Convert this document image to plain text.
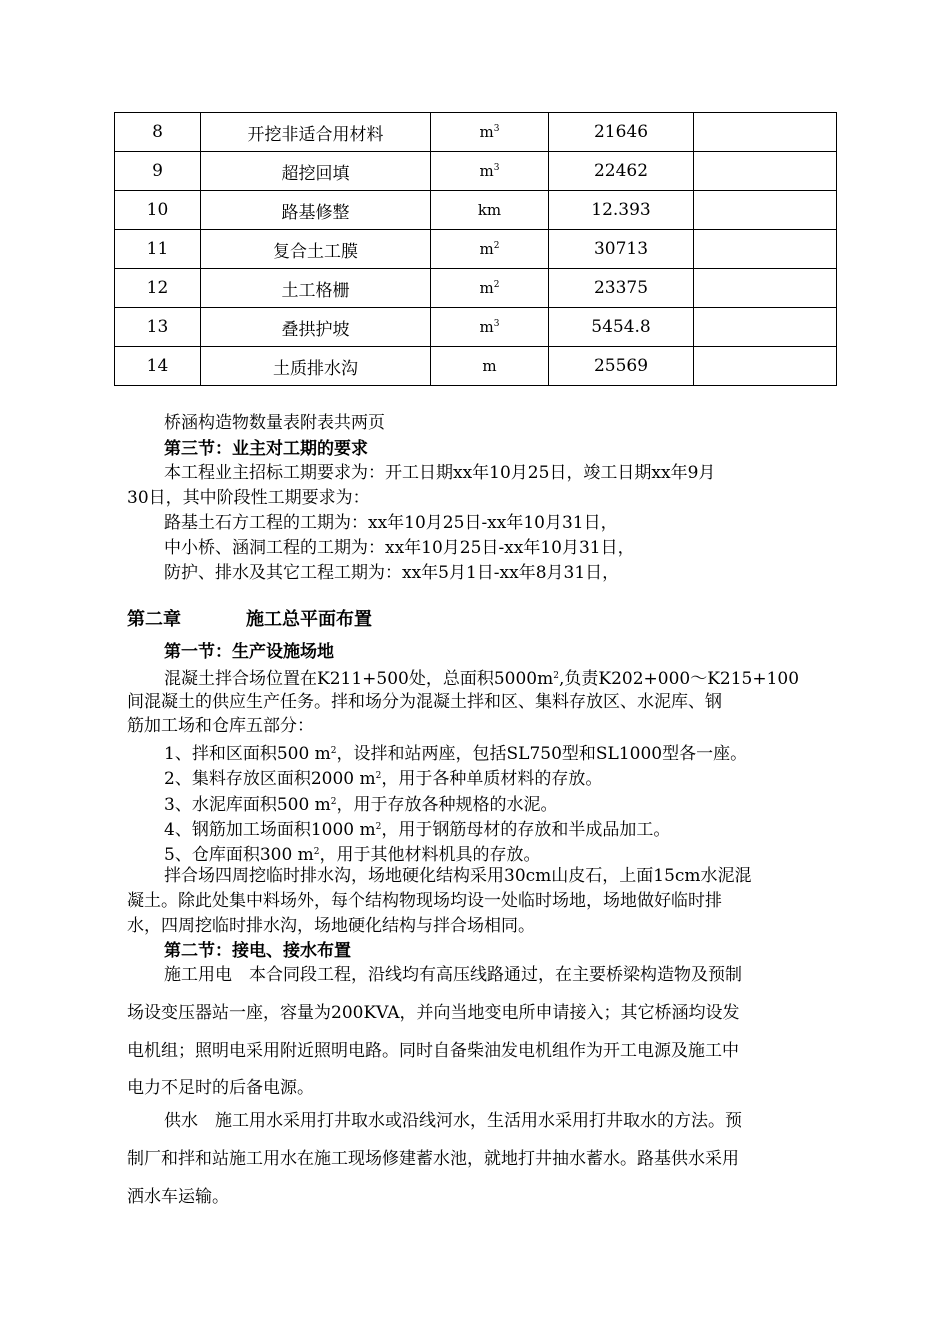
8	开挖非适合用材料	$m^3$	21646	
9	超挖回填	$m^3$	22462	
10	路基修整	km	12.393	
11	复合土工膜	$m^2$	30713	
12	土工格栅	$m^2$	23375	
13	叠拱护坡	$m^3$	5454.8	
14	土质排水沟	m	25569	
桥涵构造物数量表附表共两页
第三节：业主对工期的要求
本工程业主招标工期要求为：开工日期xx年10月25日，竣工日期xx年9月
30日，其中阶段性工期要求为：
路基土石方工程的工期为：xx年10月25日-xx年10月31日，
中小桥、涵洞工程的工期为：xx年10月25日-xx年10月31日，
防护、排水及其它工程工期为：xx年5月1日-xx年8月31日，
第二章	施工总平面布置
第一节：生产设施场地
混凝土拌合场位置在K211+500处，总面积$5000m^2$,负责K202+000～K215+100
间混凝土的供应生产任务。拌和场分为混凝土拌和区、集料存放区、水泥库、钢
筋加工场和仓库五部分：
1、拌和区面积500 $m^2$，设拌和站两座，包括SL750型和SL1000型各一座。
2、集料存放区面积2000 $m^2$，用于各种单质材料的存放。
3、水泥库面积500 $m^2$，用于存放各种规格的水泥。
4、钢筋加工场面积1000 $m^2$，用于钢筋母材的存放和半成品加工。
5、仓库面积300 $m^2$，用于其他材料机具的存放。
拌合场四周挖临时排水沟，场地硬化结构采用30cm山皮石，上面15cm水泥混
凝土。除此处集中料场外，每个结构物现场均设一处临时场地，场地做好临时排
水，四周挖临时排水沟，场地硬化结构与拌合场相同。
第二节：接电、接水布置
施工用电　本合同段工程，沿线均有高压线路通过，在主要桥梁构造物及预制
场设变压器站一座，容量为200KVA，并向当地变电所申请接入；其它桥涵均设发
电机组；照明电采用附近照明电路。同时自备柴油发电机组作为开工电源及施工中
电力不足时的后备电源。
供水　施工用水采用打井取水或沿线河水，生活用水采用打井取水的方法。预
制厂和拌和站施工用水在施工现场修建蓄水池，就地打井抽水蓄水。路基供水采用
洒水车运输。
